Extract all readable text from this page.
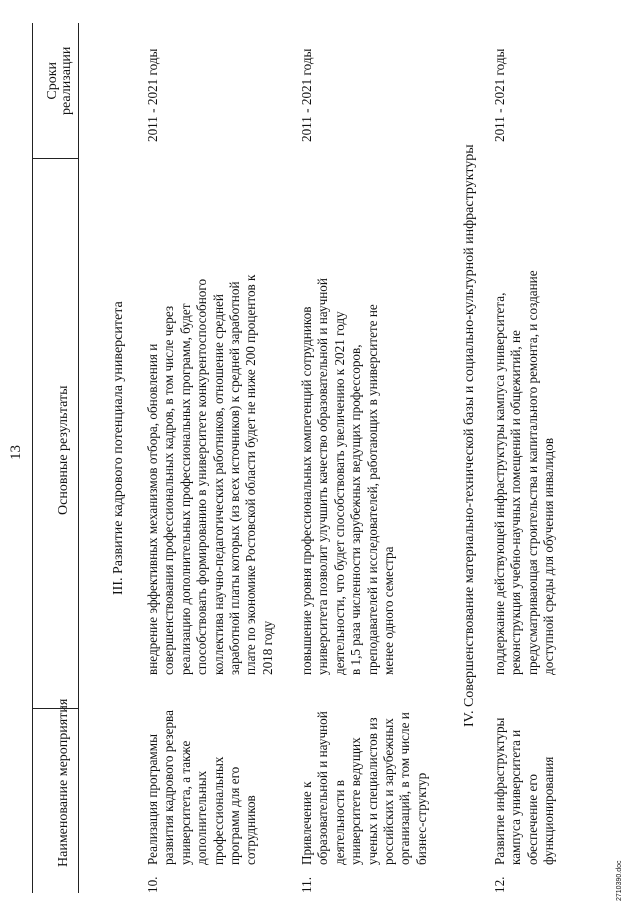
13
Наименование мероприятия
Основные результаты
Сроки
реализации
III. Развитие кадрового потенциала университета
10.
Реализация программы
развития кадрового резерва
университета, а также
дополнительных
профессиональных
программ для его
сотрудников
внедрение эффективных механизмов отбора, обновления и
совершенствования профессиональных кадров, в том числе через
реализацию дополнительных профессиональных программ, будет
способствовать формированию в университете конкурентоспособного
коллектива научно-педагогических работников, отношение средней
заработной платы которых (из всех источников) к средней заработной
плате по экономике Ростовской области будет не ниже 200 процентов к
2018 году
2011 - 2021 годы
11.
Привлечение к
образовательной и научной
деятельности в
университете ведущих
ученых и специалистов из
российских и зарубежных
организаций, в том числе и
бизнес-структур
повышение уровня профессиональных компетенций сотрудников
университета позволит улучшить качество образовательной и научной
деятельности, что будет способствовать увеличению к 2021 году
в 1,5 раза численности зарубежных ведущих профессоров,
преподавателей и исследователей, работающих в университете не
менее одного семестра
2011 - 2021 годы
IV. Совершенствование материально-технической базы и социально-культурной инфраструктуры
12.
Развитие инфраструктуры
кампуса университета и
обеспечение его
функционирования
поддержание действующей инфраструктуры кампуса университета,
реконструкция учебно-научных помещений и общежитий, не
предусматривающая строительства и капитального ремонта, и создание
доступной среды для обучения инвалидов
2011 - 2021 годы
2710390.doc
